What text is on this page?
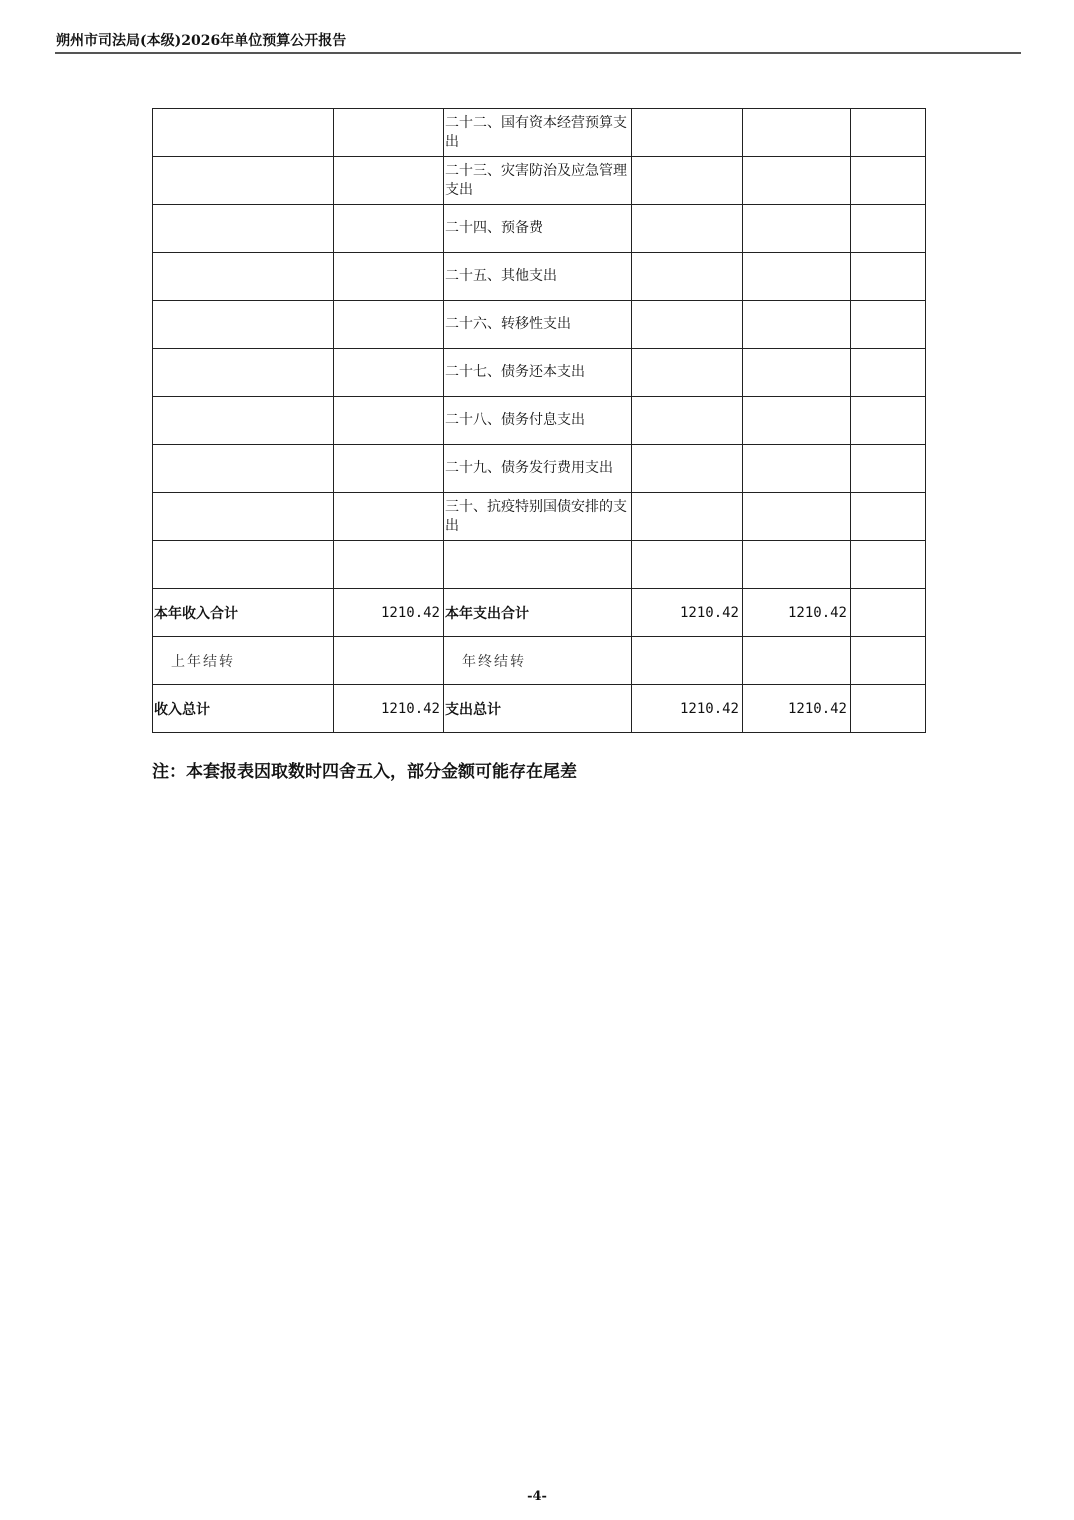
朔州市司法局(本级)2026年单位预算公开报告
		二十二、国有资本经营预算支出			
		二十三、灾害防治及应急管理支出			
		二十四、预备费			
		二十五、其他支出			
		二十六、转移性支出			
		二十七、债务还本支出			
		二十八、债务付息支出			
		二十九、债务发行费用支出			
		三十、抗疫特别国债安排的支出			

本年收入合计	1210.42	本年支出合计	1210.42	1210.42	
上年结转		年终结转			
收入总计	1210.42	支出总计	1210.42	1210.42	
注：本套报表因取数时四舍五入，部分金额可能存在尾差
-4-
